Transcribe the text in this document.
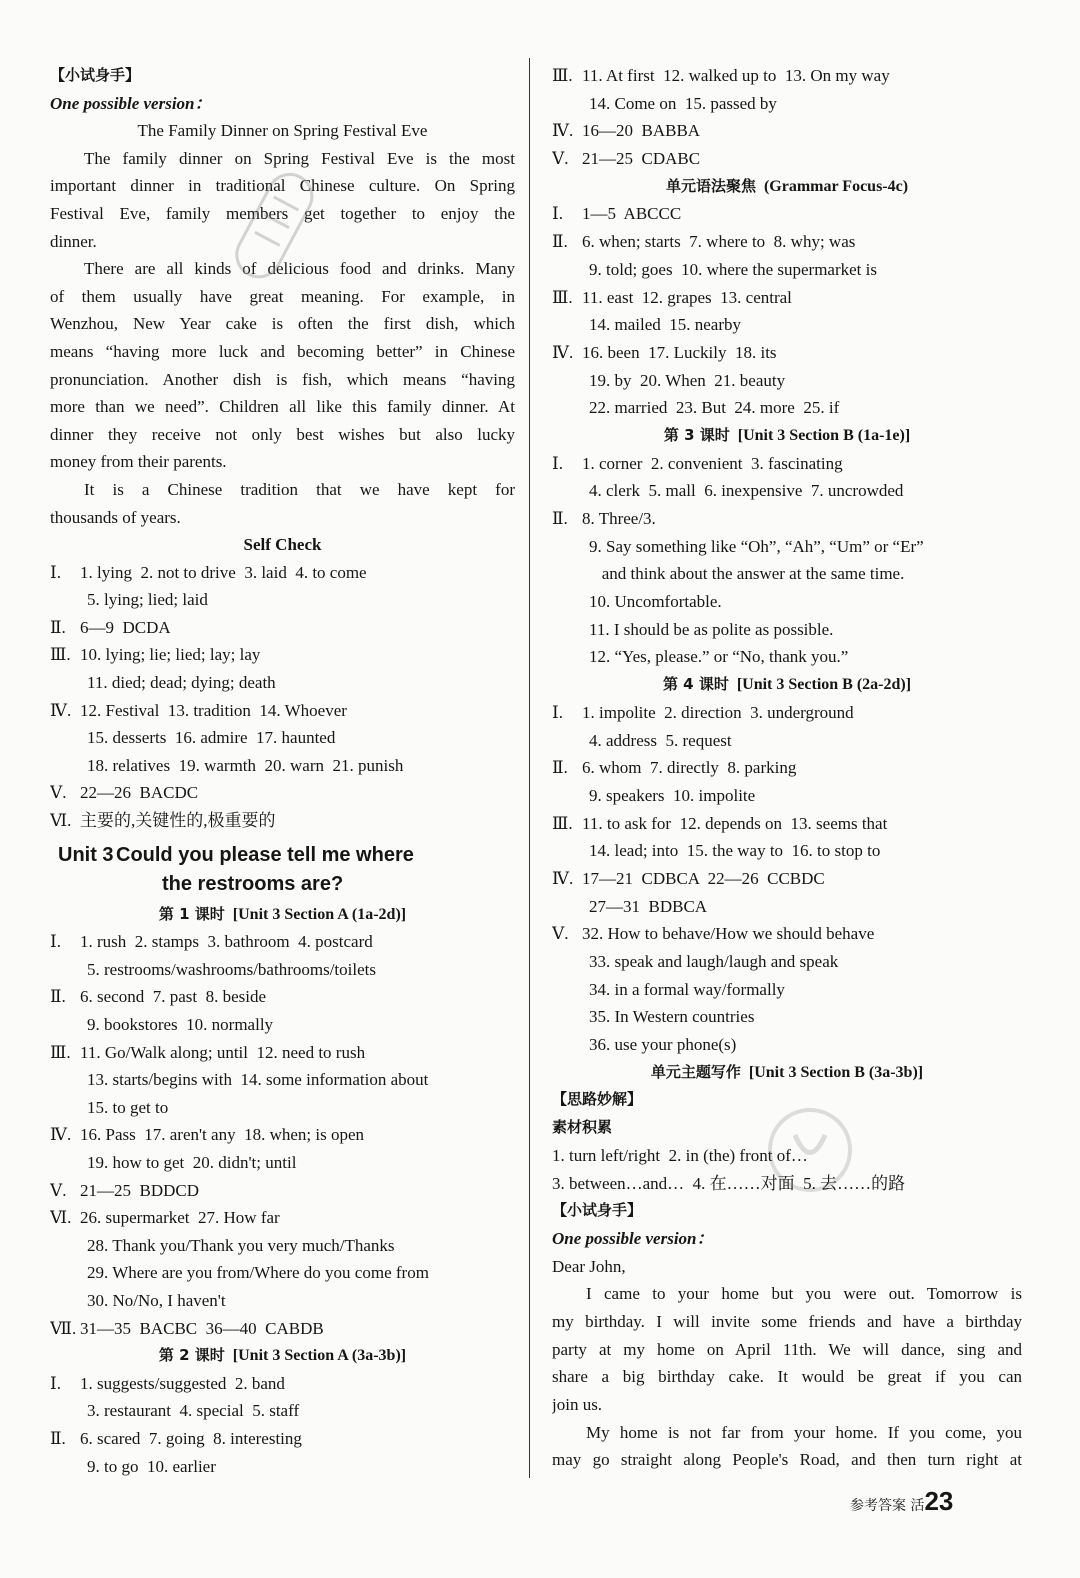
【小试身手】
One possible version：
The Family Dinner on Spring Festival Eve
The family dinner on Spring Festival Eve is the most
important dinner in traditional Chinese culture. On Spring
Festival Eve, family members get together to enjoy the
dinner.
There are all kinds of delicious food and drinks. Many
of them usually have great meaning. For example, in
Wenzhou, New Year cake is often the first dish, which
means “having more luck and becoming better” in Chinese
pronunciation. Another dish is fish, which means “having
more than we need”. Children all like this family dinner. At
dinner they receive not only best wishes but also lucky
money from their parents.
It is a Chinese tradition that we have kept for
thousands of years.
Self Check
Ⅰ. 1. lying  2. not to drive  3. laid  4. to come
5. lying; lied; laid
Ⅱ. 6—9  DCDA
Ⅲ. 10. lying; lie; lied; lay; lay
11. died; dead; dying; death
Ⅳ. 12. Festival  13. tradition  14. Whoever
15. desserts  16. admire  17. haunted
18. relatives  19. warmth  20. warn  21. punish
Ⅴ. 22—26  BACDC
Ⅵ. 主要的,关键性的,极重要的
Unit 3 Could you please tell me where
the restrooms are?
第 1 课时 [Unit 3 Section A (1a-2d)]
Ⅰ. 1. rush  2. stamps  3. bathroom  4. postcard
5. restrooms/washrooms/bathrooms/toilets
Ⅱ. 6. second  7. past  8. beside
9. bookstores  10. normally
Ⅲ. 11. Go/Walk along; until  12. need to rush
13. starts/begins with  14. some information about
15. to get to
Ⅳ. 16. Pass  17. aren't any  18. when; is open
19. how to get  20. didn't; until
Ⅴ. 21—25  BDDCD
Ⅵ. 26. supermarket  27. How far
28. Thank you/Thank you very much/Thanks
29. Where are you from/Where do you come from
30. No/No, I haven't
Ⅶ. 31—35  BACBC  36—40  CABDB
第 2 课时 [Unit 3 Section A (3a-3b)]
Ⅰ. 1. suggests/suggested  2. band
3. restaurant  4. special  5. staff
Ⅱ. 6. scared  7. going  8. interesting
9. to go  10. earlier
Ⅲ. 11. At first  12. walked up to  13. On my way
14. Come on  15. passed by
Ⅳ. 16—20  BABBA
Ⅴ. 21—25  CDABC
单元语法聚焦 (Grammar Focus-4c)
Ⅰ. 1—5  ABCCC
Ⅱ. 6. when; starts  7. where to  8. why; was
9. told; goes  10. where the supermarket is
Ⅲ. 11. east  12. grapes  13. central
14. mailed  15. nearby
Ⅳ. 16. been  17. Luckily  18. its
19. by  20. When  21. beauty
22. married  23. But  24. more  25. if
第 3 课时 [Unit 3 Section B (1a-1e)]
Ⅰ. 1. corner  2. convenient  3. fascinating
4. clerk  5. mall  6. inexpensive  7. uncrowded
Ⅱ. 8. Three/3.
9. Say something like “Oh”, “Ah”, “Um” or “Er”
and think about the answer at the same time.
10. Uncomfortable.
11. I should be as polite as possible.
12. “Yes, please.” or “No, thank you.”
第 4 课时 [Unit 3 Section B (2a-2d)]
Ⅰ. 1. impolite  2. direction  3. underground
4. address  5. request
Ⅱ. 6. whom  7. directly  8. parking
9. speakers  10. impolite
Ⅲ. 11. to ask for  12. depends on  13. seems that
14. lead; into  15. the way to  16. to stop to
Ⅳ. 17—21  CDBCA  22—26  CCBDC
27—31  BDBCA
Ⅴ. 32. How to behave/How we should behave
33. speak and laugh/laugh and speak
34. in a formal way/formally
35. In Western countries
36. use your phone(s)
单元主题写作 [Unit 3 Section B (3a-3b)]
【思路妙解】
素材积累
1. turn left/right  2. in (the) front of…
3. between…and…  4. 在……对面  5. 去……的路
【小试身手】
One possible version：
Dear John,
I came to your home but you were out. Tomorrow is
my birthday. I will invite some friends and have a birthday
party at my home on April 11th. We will dance, sing and
share a big birthday cake. It would be great if you can
join us.
My home is not far from your home. If you come, you
may go straight along People's Road, and then turn right at
参考答案 活23
